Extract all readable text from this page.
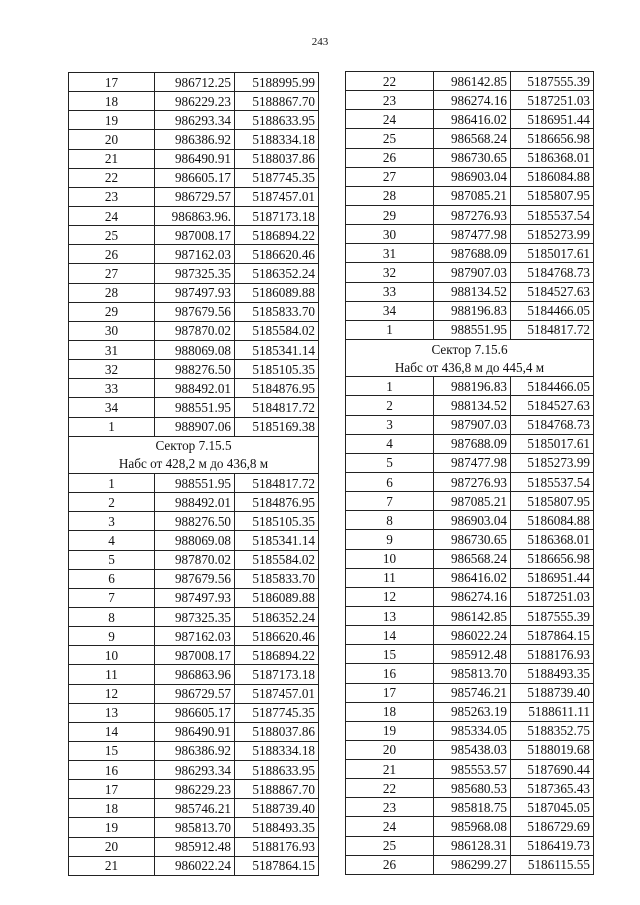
243
17	986712.25	5188995.99
18	986229.23	5188867.70
19	986293.34	5188633.95
20	986386.92	5188334.18
21	986490.91	5188037.86
22	986605.17	5187745.35
23	986729.57	5187457.01
24	986863.96.	5187173.18
25	987008.17	5186894.22
26	987162.03	5186620.46
27	987325.35	5186352.24
28	987497.93	5186089.88
29	987679.56	5185833.70
30	987870.02	5185584.02
31	988069.08	5185341.14
32	988276.50	5185105.35
33	988492.01	5184876.95
34	988551.95	5184817.72
1	988907.06	5185169.38
Сектор 7.15.5		
Набс от 428,2 м до 436,8 м		
1	988551.95	5184817.72
2	988492.01	5184876.95
3	988276.50	5185105.35
4	988069.08	5185341.14
5	987870.02	5185584.02
6	987679.56	5185833.70
7	987497.93	5186089.88
8	987325.35	5186352.24
9	987162.03	5186620.46
10	987008.17	5186894.22
11	986863.96	5187173.18
12	986729.57	5187457.01
13	986605.17	5187745.35
14	986490.91	5188037.86
15	986386.92	5188334.18
16	986293.34	5188633.95
17	986229.23	5188867.70
18	985746.21	5188739.40
19	985813.70	5188493.35
20	985912.48	5188176.93
21	986022.24	5187864.15
22	986142.85	5187555.39
23	986274.16	5187251.03
24	986416.02	5186951.44
25	986568.24	5186656.98
26	986730.65	5186368.01
27	986903.04	5186084.88
28	987085.21	5185807.95
29	987276.93	5185537.54
30	987477.98	5185273.99
31	987688.09	5185017.61
32	987907.03	5184768.73
33	988134.52	5184527.63
34	988196.83	5184466.05
1	988551.95	5184817.72
Сектор 7.15.6		
Набс от 436,8 м до 445,4 м		
1	988196.83	5184466.05
2	988134.52	5184527.63
3	987907.03	5184768.73
4	987688.09	5185017.61
5	987477.98	5185273.99
6	987276.93	5185537.54
7	987085.21	5185807.95
8	986903.04	5186084.88
9	986730.65	5186368.01
10	986568.24	5186656.98
11	986416.02	5186951.44
12	986274.16	5187251.03
13	986142.85	5187555.39
14	986022.24	5187864.15
15	985912.48	5188176.93
16	985813.70	5188493.35
17	985746.21	5188739.40
18	985263.19	5188611.11
19	985334.05	5188352.75
20	985438.03	5188019.68
21	985553.57	5187690.44
22	985680.53	5187365.43
23	985818.75	5187045.05
24	985968.08	5186729.69
25	986128.31	5186419.73
26	986299.27	5186115.55
